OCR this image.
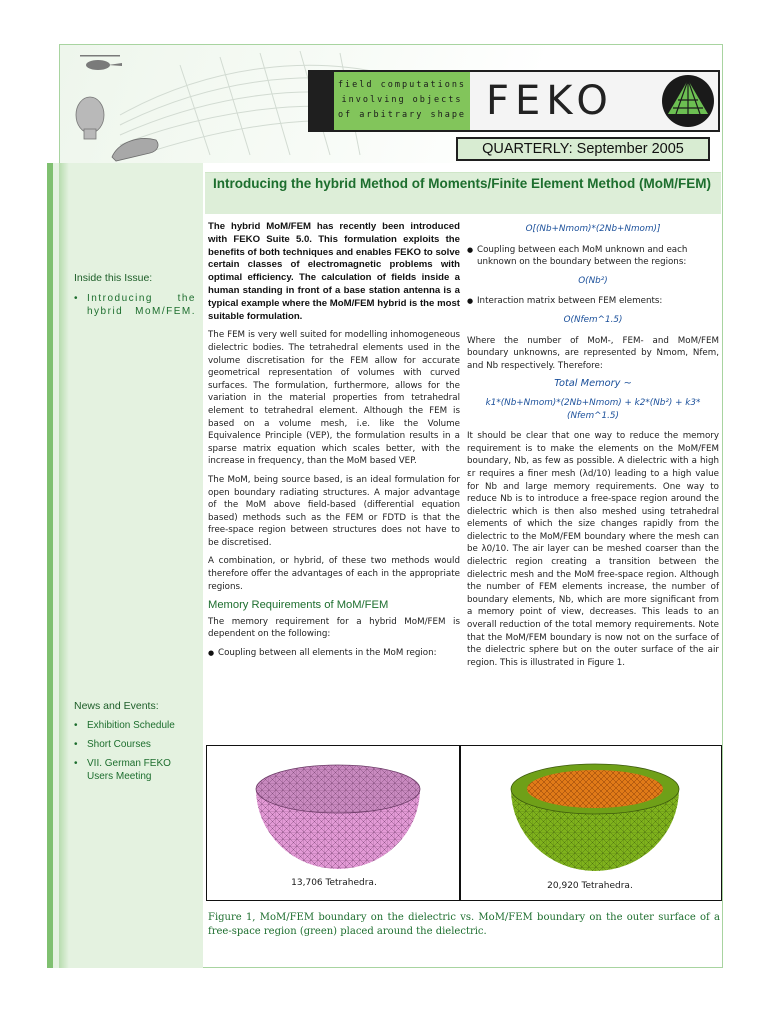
field computations
involving objects
of arbitrary shape FEKO
QUARTERLY: September 2005
Introducing the hybrid Method of Moments/Finite Element Method (MoM/FEM)
Inside this Issue:
• Introducing the hybrid MoM/FEM.
News and Events:
• Exhibition Schedule
• Short Courses
• VII. German FEKO Users Meeting

The hybrid MoM/FEM has recently been introduced with FEKO Suite 5.0. This formulation exploits the benefits of both techniques and enables FEKO to solve certain classes of electromagnetic problems with optimal efficiency. The calculation of fields inside a human standing in front of a base station antenna is a typical example where the MoM/FEM hybrid is the most suitable formulation.

The FEM is very well suited for modelling inhomogeneous dielectric bodies. The tetrahedral elements used in the volume discretisation for the FEM allow for accurate geometrical representation of volumes with curved surfaces. The formulation, furthermore, allows for the variation in the material properties from tetrahedral element to tetrahedral element. Although the FEM is based on a volume mesh, i.e. like the Volume Equivalence Principle (VEP), the formulation results in a sparse matrix equation which scales better, with the increase in frequency, than the MoM based VEP.

The MoM, being source based, is an ideal formulation for open boundary radiating structures. A major advantage of the MoM above field-based (differential equation based) methods such as the FEM or FDTD is that the free-space region between structures does not have to be discretised.

A combination, or hybrid, of these two methods would therefore offer the advantages of each in the appropriate regions.

Memory Requirements of MoM/FEM

The memory requirement for a hybrid MoM/FEM is dependent on the following:

● Coupling between all elements in the MoM region:

O[(Nb+Nmom)*(2Nb+Nmom)]

● Coupling between each MoM unknown and each unknown on the boundary between the regions:

O(Nb²)

● Interaction matrix between FEM elements:

O(Nfem^1.5)

Where the number of MoM-, FEM- and MoM/FEM boundary unknowns, are represented by Nmom, Nfem, and Nb respectively. Therefore:

Total Memory ~
k1*(Nb+Nmom)*(2Nb+Nmom) + k2*(Nb²) + k3*(Nfem^1.5)

It should be clear that one way to reduce the memory requirement is to make the elements on the MoM/FEM boundary, Nb, as few as possible. A dielectric with a high εr requires a finer mesh (λd/10) leading to a high value for Nb and large memory requirements. One way to reduce Nb is to introduce a free-space region around the dielectric which is then also meshed using tetrahedral elements of which the size changes rapidly from the dielectric to the MoM/FEM boundary where the mesh can be λ0/10. The air layer can be meshed coarser than the dielectric region creating a transition between the dielectric mesh and the MoM free-space region. Although the number of FEM elements increase, the number of boundary elements, Nb, which are more significant from a memory point of view, decreases. This leads to an overall reduction of the total memory requirements. Note that the MoM/FEM boundary is now not on the surface of the dielectric sphere but on the outer surface of the air region. This is illustrated in Figure 1.

13,706 Tetrahedra.	20,920 Tetrahedra.
Figure 1, MoM/FEM boundary on the dielectric vs. MoM/FEM boundary on the outer surface of a free-space region (green) placed around the dielectric.
